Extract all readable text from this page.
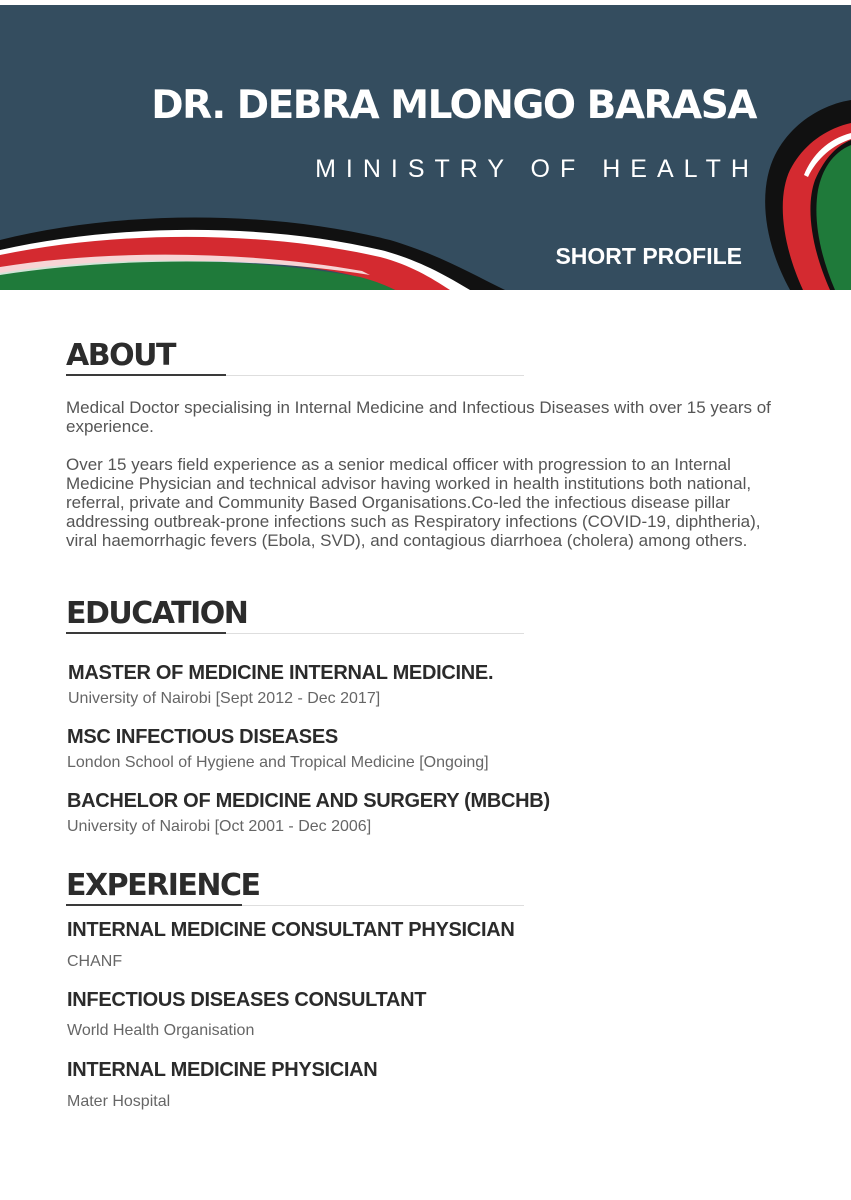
DR. DEBRA MLONGO BARASA
MINISTRY OF HEALTH
SHORT PROFILE
ABOUT
Medical Doctor specialising in Internal Medicine and Infectious Diseases with over 15 years of experience.
Over 15 years field experience as a senior medical officer with progression to an Internal Medicine Physician and technical advisor having worked in health institutions both national, referral, private and Community Based Organisations.Co-led the infectious disease pillar addressing outbreak-prone infections such as Respiratory infections (COVID-19, diphtheria), viral haemorrhagic fevers (Ebola, SVD), and contagious diarrhoea (cholera) among others.
EDUCATION
MASTER OF MEDICINE INTERNAL MEDICINE.
University of Nairobi [Sept 2012 - Dec 2017]
MSC INFECTIOUS DISEASES
London School of Hygiene and Tropical Medicine [Ongoing]
BACHELOR OF MEDICINE AND SURGERY (MBCHB)
University of Nairobi [Oct 2001 - Dec 2006]
EXPERIENCE
INTERNAL MEDICINE CONSULTANT PHYSICIAN
CHANF
INFECTIOUS DISEASES CONSULTANT
World Health Organisation
INTERNAL MEDICINE PHYSICIAN
Mater Hospital
